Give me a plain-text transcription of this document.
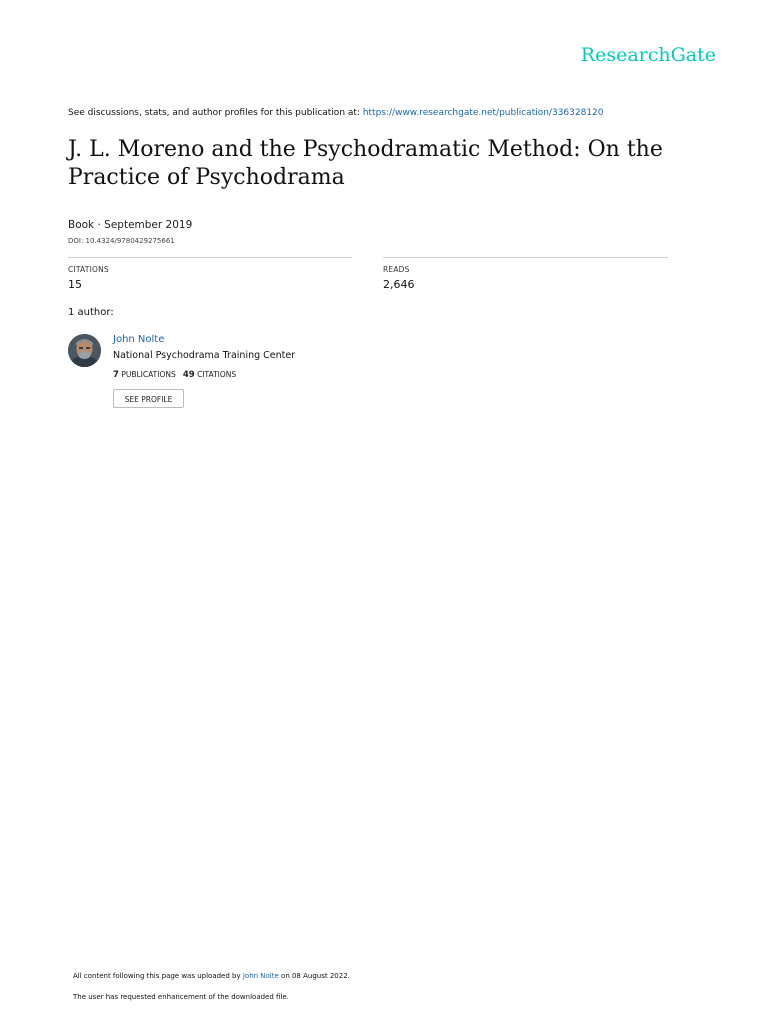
ResearchGate
See discussions, stats, and author profiles for this publication at: https://www.researchgate.net/publication/336328120
J. L. Moreno and the Psychodramatic Method: On the Practice of Psychodrama
Book · September 2019
DOI: 10.4324/9780429275661
CITATIONS
15
READS
2,646
1 author:
John Nolte
National Psychodrama Training Center
7 PUBLICATIONS 49 CITATIONS
SEE PROFILE
All content following this page was uploaded by John Nolte on 08 August 2022.
The user has requested enhancement of the downloaded file.
